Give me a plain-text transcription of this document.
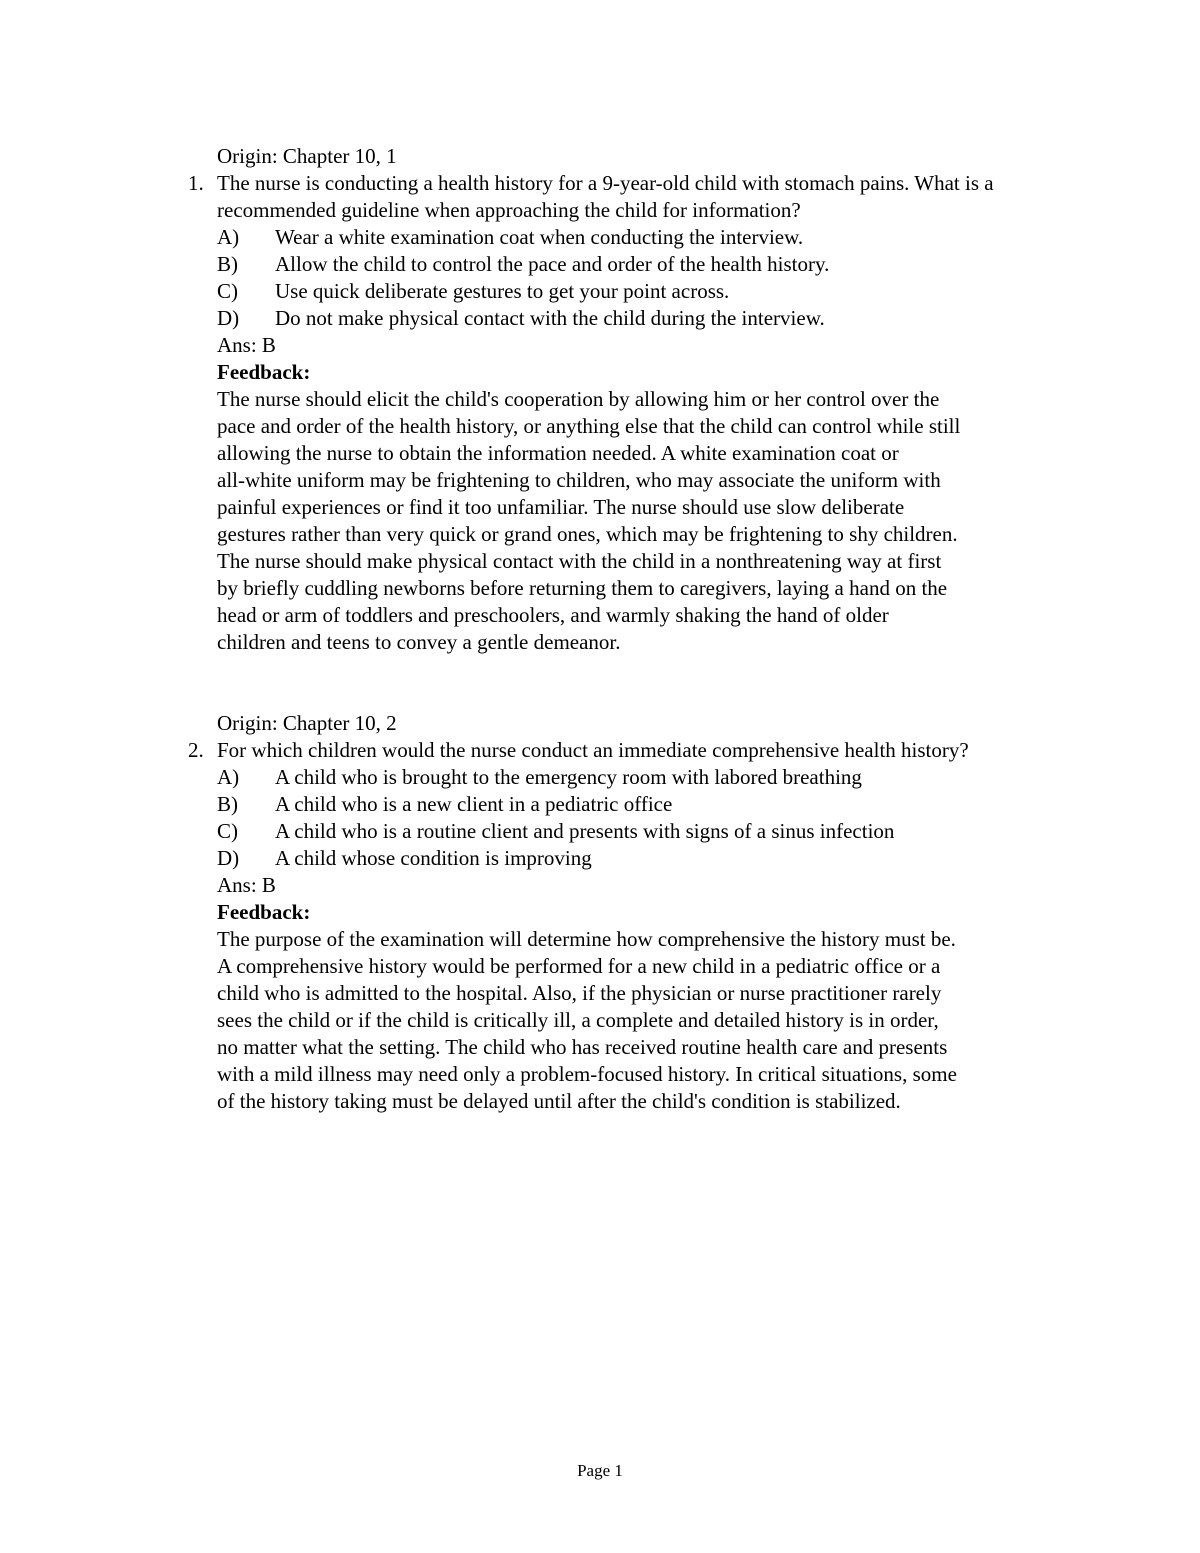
Origin: Chapter 10, 1
1. The nurse is conducting a health history for a 9-year-old child with stomach pains. What is a recommended guideline when approaching the child for information?
A)	Wear a white examination coat when conducting the interview.
B)	Allow the child to control the pace and order of the health history.
C)	Use quick deliberate gestures to get your point across.
D)	Do not make physical contact with the child during the interview.
Ans: B
Feedback:
The nurse should elicit the child's cooperation by allowing him or her control over the
pace and order of the health history, or anything else that the child can control while still
allowing the nurse to obtain the information needed. A white examination coat or
all-white uniform may be frightening to children, who may associate the uniform with
painful experiences or find it too unfamiliar. The nurse should use slow deliberate
gestures rather than very quick or grand ones, which may be frightening to shy children.
The nurse should make physical contact with the child in a nonthreatening way at first
by briefly cuddling newborns before returning them to caregivers, laying a hand on the
head or arm of toddlers and preschoolers, and warmly shaking the hand of older
children and teens to convey a gentle demeanor.
Origin: Chapter 10, 2
2. For which children would the nurse conduct an immediate comprehensive health history?
A)	A child who is brought to the emergency room with labored breathing
B)	A child who is a new client in a pediatric office
C)	A child who is a routine client and presents with signs of a sinus infection
D)	A child whose condition is improving
Ans: B
Feedback:
The purpose of the examination will determine how comprehensive the history must be.
A comprehensive history would be performed for a new child in a pediatric office or a
child who is admitted to the hospital. Also, if the physician or nurse practitioner rarely
sees the child or if the child is critically ill, a complete and detailed history is in order,
no matter what the setting. The child who has received routine health care and presents
with a mild illness may need only a problem-focused history. In critical situations, some
of the history taking must be delayed until after the child's condition is stabilized.
Page 1
